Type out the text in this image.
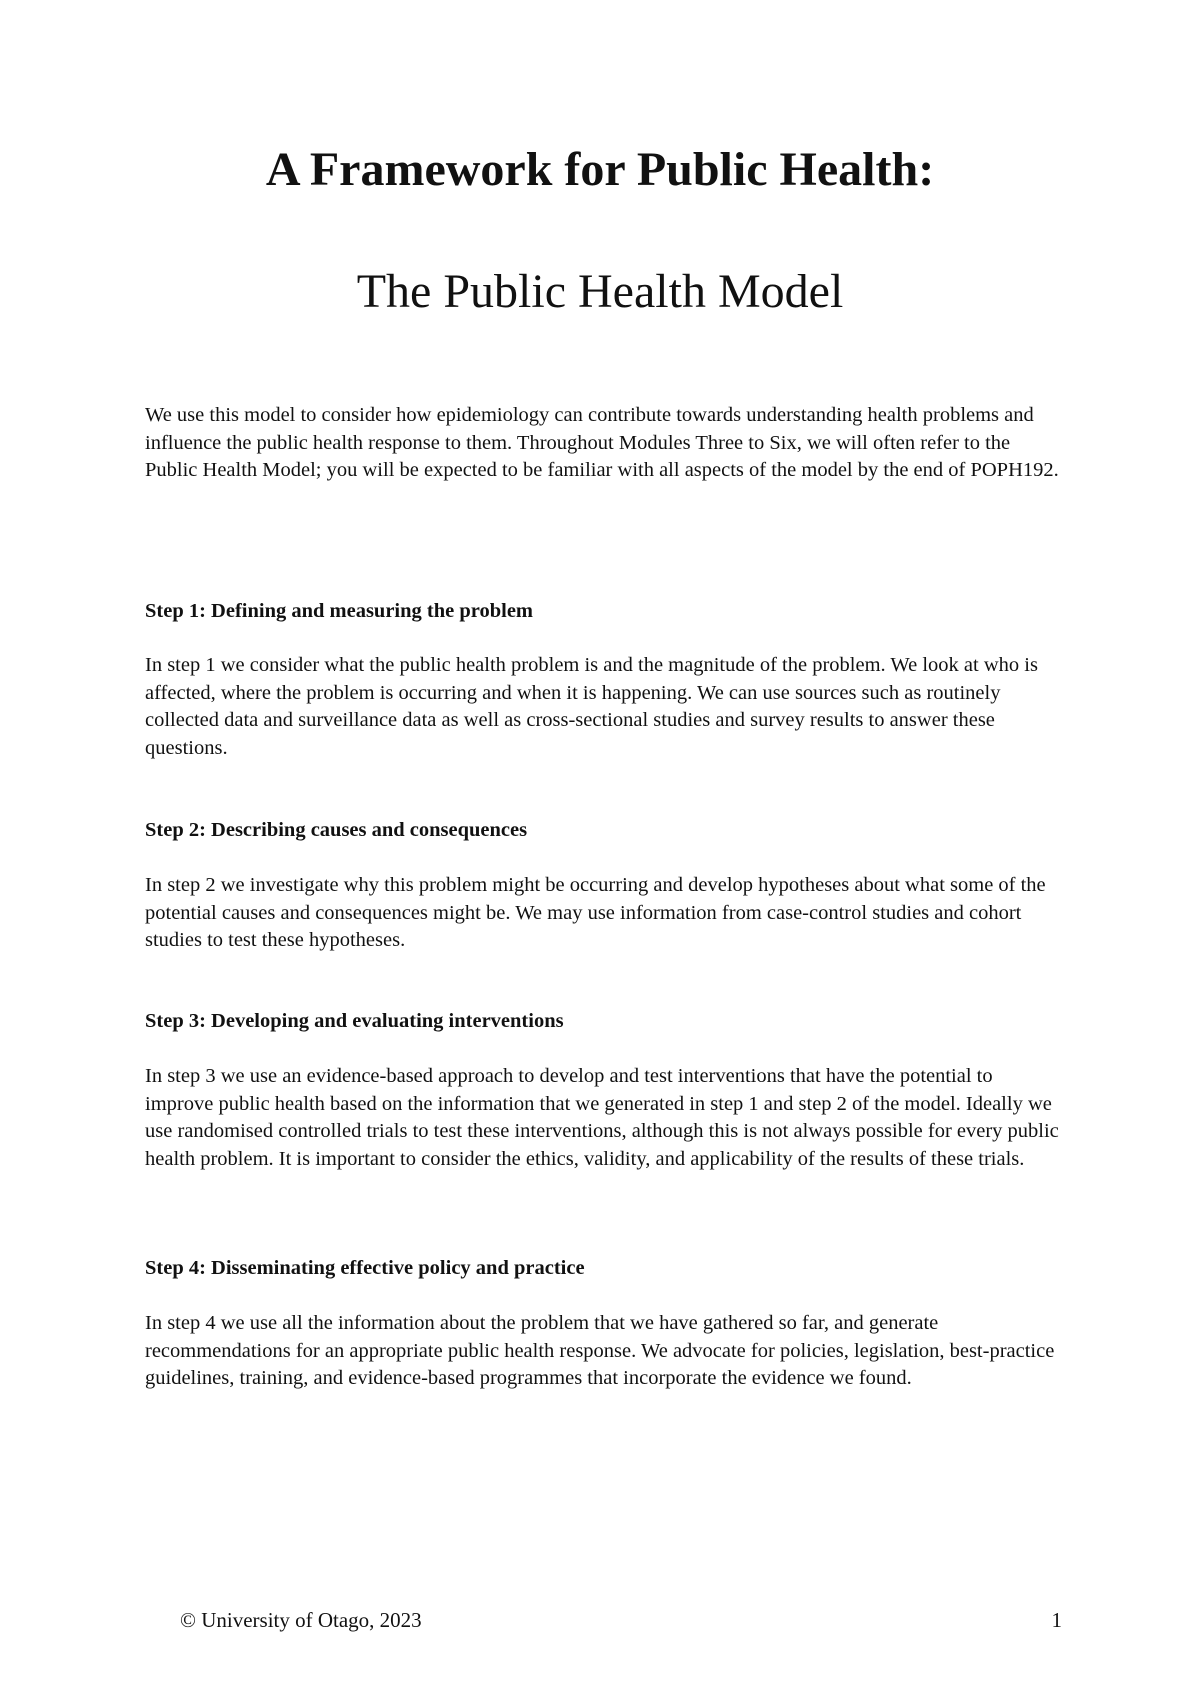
A Framework for Public Health:
The Public Health Model

We use this model to consider how epidemiology can contribute towards understanding health problems and influence the public health response to them. Throughout Modules Three to Six, we will often refer to the Public Health Model; you will be expected to be familiar with all aspects of the model by the end of POPH192.

Step 1: Defining and measuring the problem

In step 1 we consider what the public health problem is and the magnitude of the problem. We look at who is affected, where the problem is occurring and when it is happening. We can use sources such as routinely collected data and surveillance data as well as cross-sectional studies and survey results to answer these questions.

Step 2: Describing causes and consequences

In step 2 we investigate why this problem might be occurring and develop hypotheses about what some of the potential causes and consequences might be. We may use information from case-control studies and cohort studies to test these hypotheses.

Step 3: Developing and evaluating interventions

In step 3 we use an evidence-based approach to develop and test interventions that have the potential to improve public health based on the information that we generated in step 1 and step 2 of the model. Ideally we use randomised controlled trials to test these interventions, although this is not always possible for every public health problem. It is important to consider the ethics, validity, and applicability of the results of these trials.

Step 4: Disseminating effective policy and practice

In step 4 we use all the information about the problem that we have gathered so far, and generate recommendations for an appropriate public health response. We advocate for policies, legislation, best-practice guidelines, training, and evidence-based programmes that incorporate the evidence we found.

© University of Otago, 2023	1
